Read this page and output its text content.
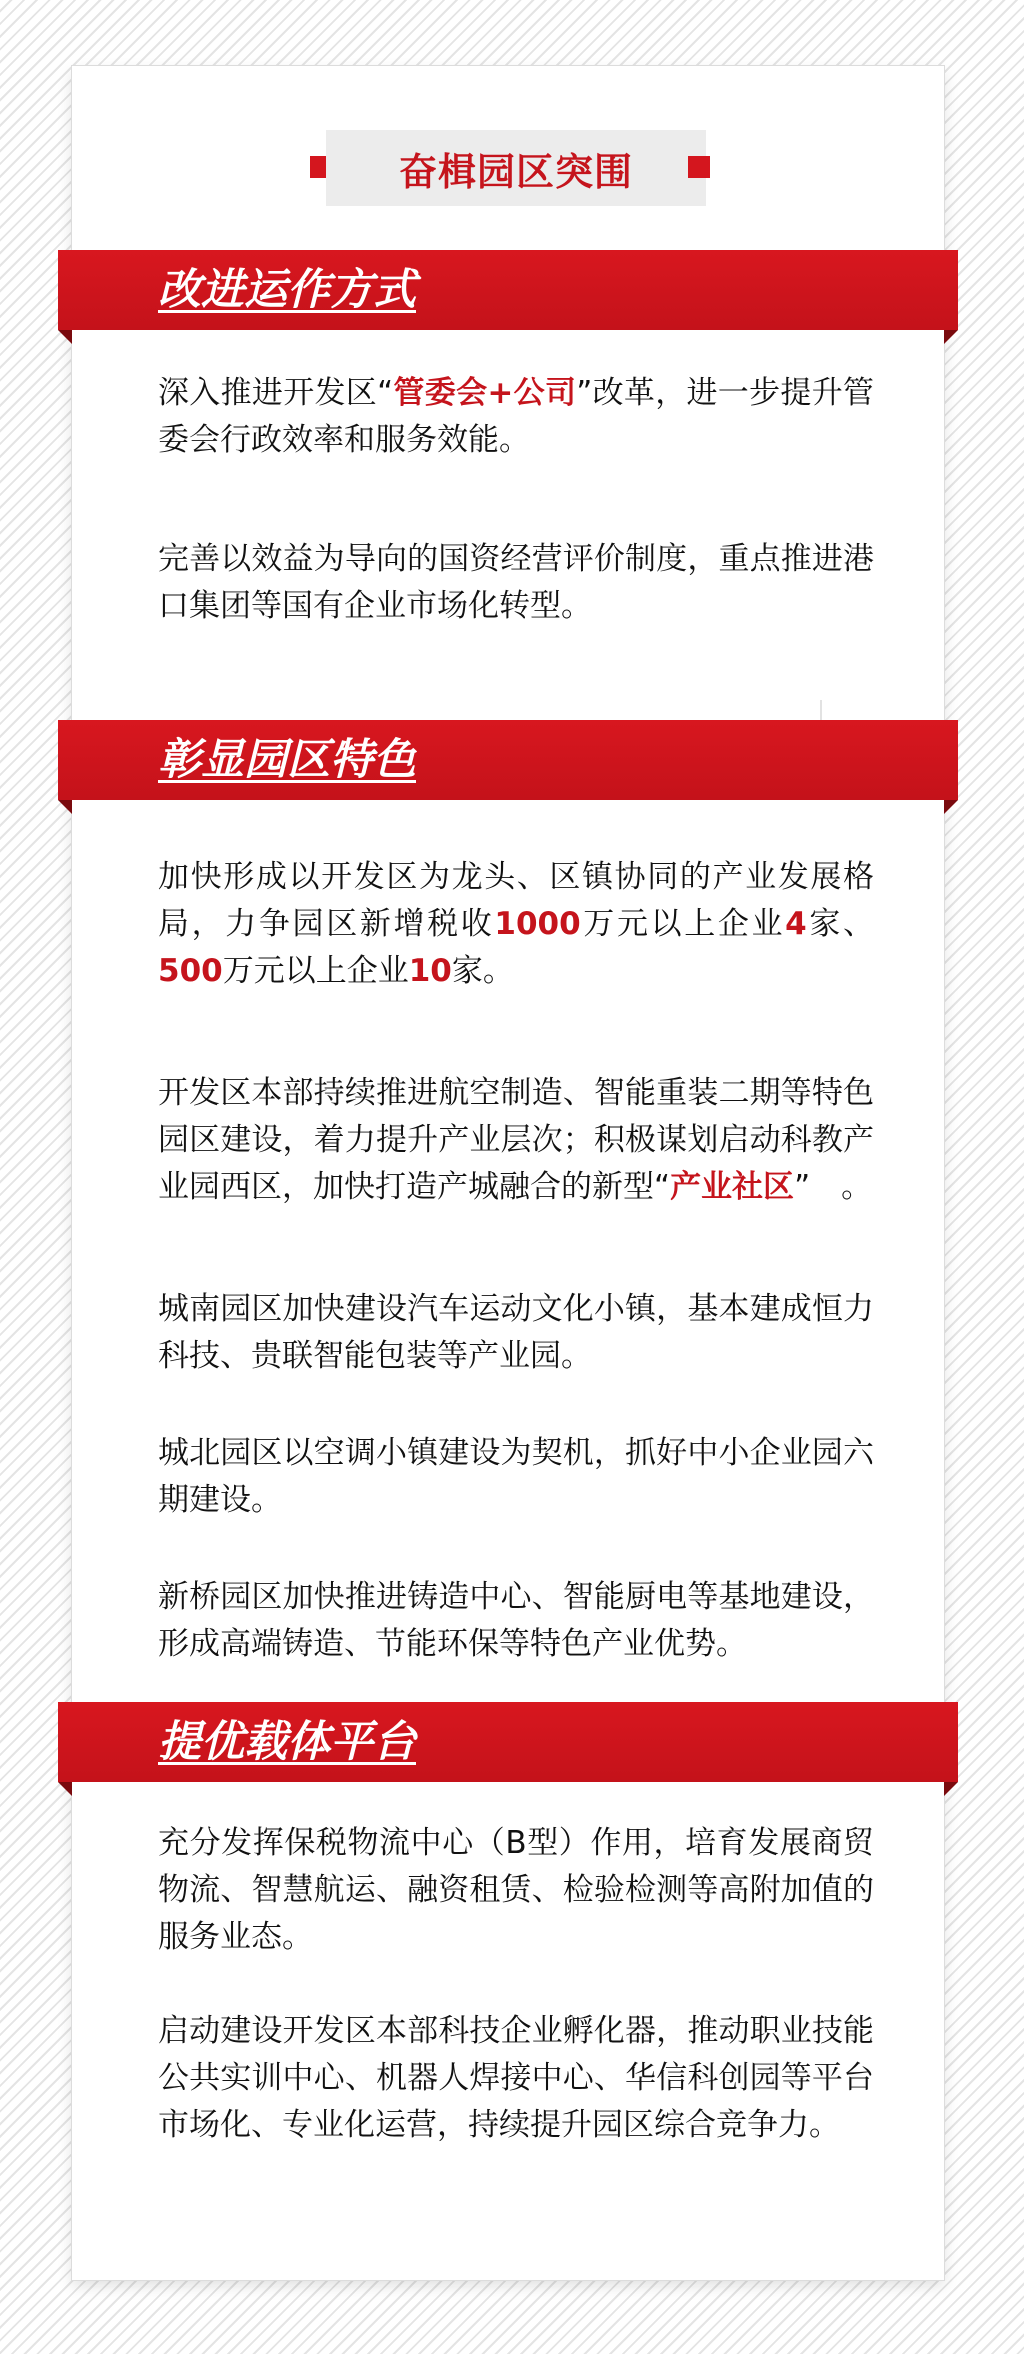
奋楫园区突围
改进运作方式

深入推进开发区“管委会+公司”改革，进一步提升管委会行政效率和服务效能。

完善以效益为导向的国资经营评价制度，重点推进港口集团等国有企业市场化转型。

彰显园区特色

加快形成以开发区为龙头、区镇协同的产业发展格局，力争园区新增税收1000万元以上企业4家、500万元以上企业10家。

开发区本部持续推进航空制造、智能重装二期等特色园区建设，着力提升产业层次；积极谋划启动科教产业园西区，加快打造产城融合的新型“产业社区”　。

城南园区加快建设汽车运动文化小镇，基本建成恒力科技、贵联智能包装等产业园。

城北园区以空调小镇建设为契机，抓好中小企业园六期建设。

新桥园区加快推进铸造中心、智能厨电等基地建设，形成高端铸造、节能环保等特色产业优势。

提优载体平台

充分发挥保税物流中心（B型）作用，培育发展商贸物流、智慧航运、融资租赁、检验检测等高附加值的服务业态。

启动建设开发区本部科技企业孵化器，推动职业技能公共实训中心、机器人焊接中心、华信科创园等平台市场化、专业化运营，持续提升园区综合竞争力。
